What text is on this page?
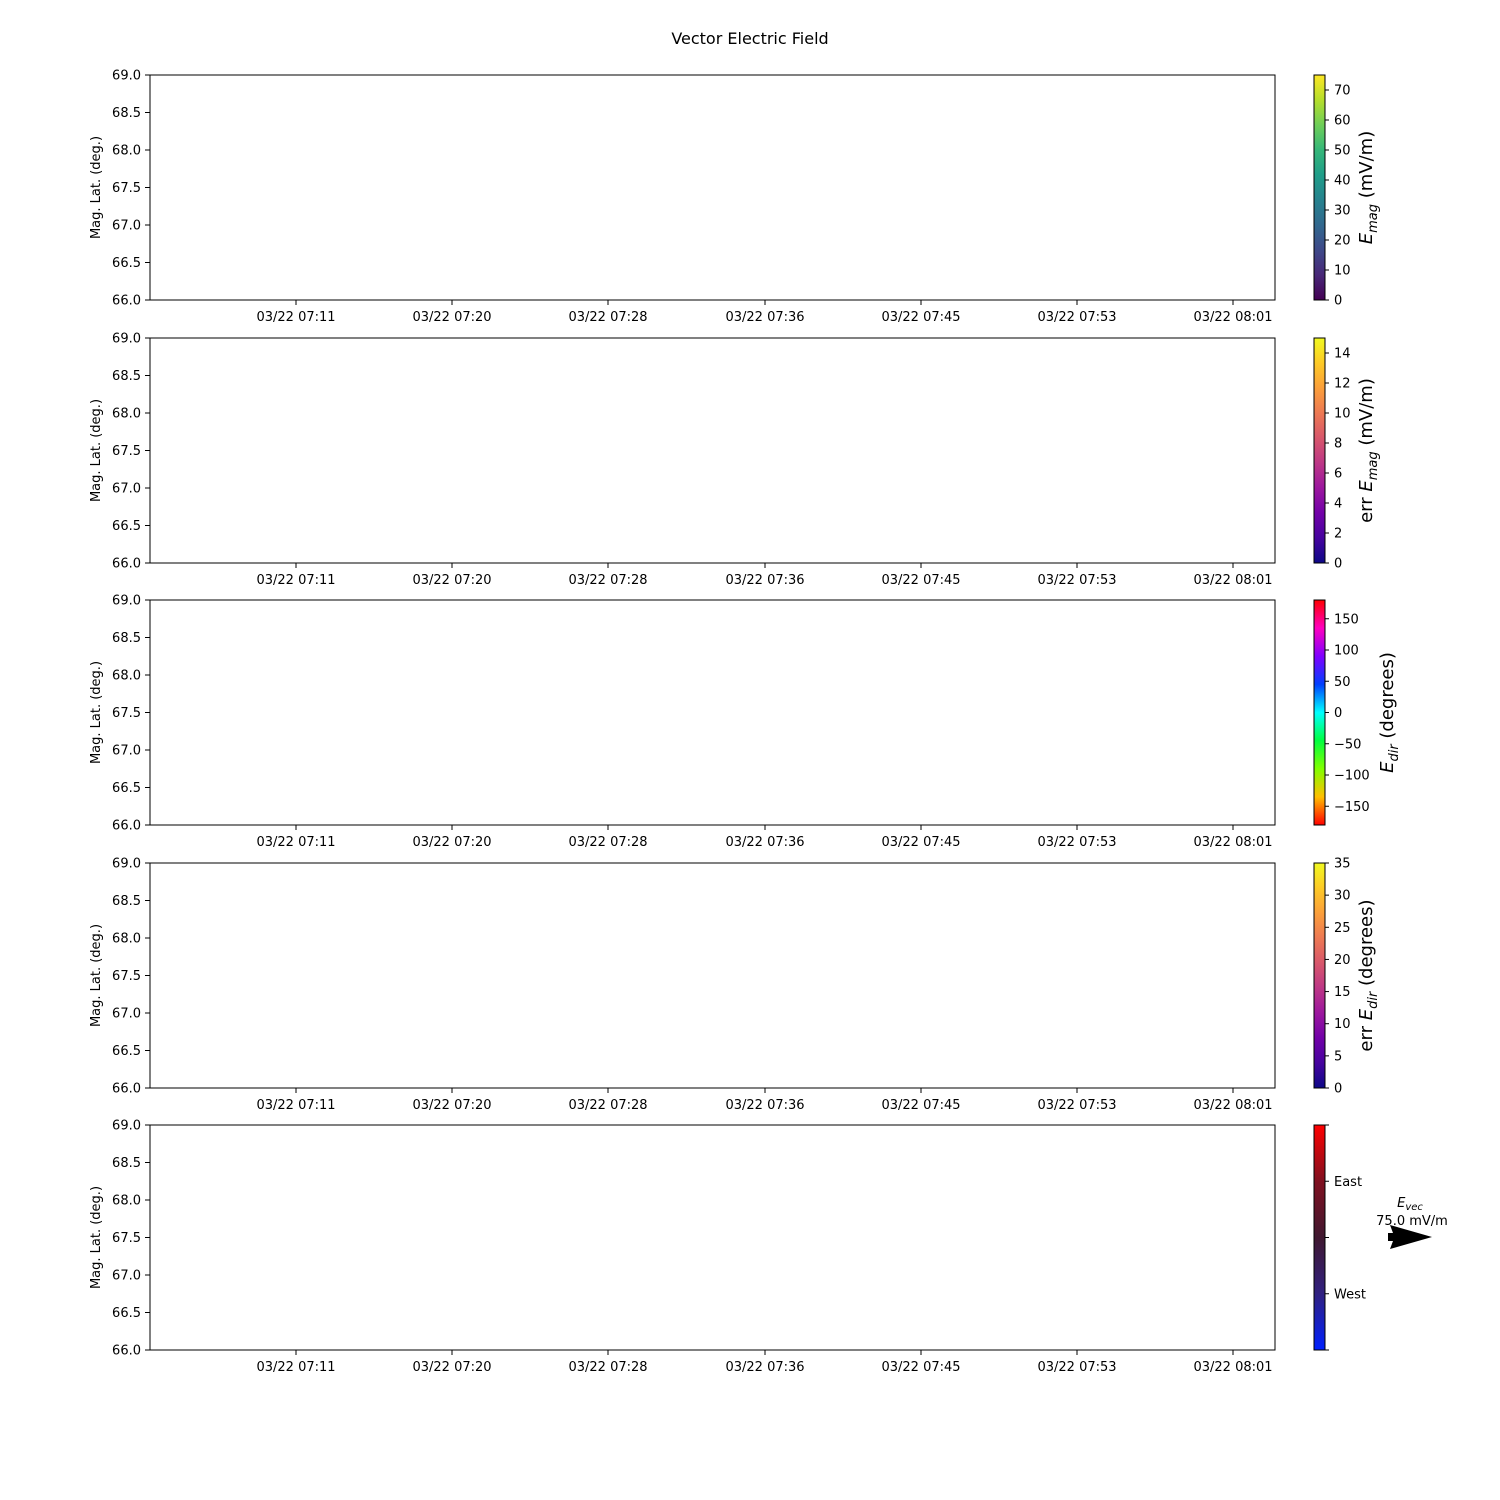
Vector Electric Field
66.0
66.5
67.0
67.5
68.0
68.5
69.0
03/22 07:11	03/22 07:20	03/22 07:28	03/22 07:36	03/22 07:45	03/22 07:53	03/22 08:01
Mag. Lat. (deg.)
0
10
20
30
40
50
60
70
$E_{mag}$ (mV/m)
66.0
66.5
67.0
67.5
68.0
68.5
69.0
03/22 07:11	03/22 07:20	03/22 07:28	03/22 07:36	03/22 07:45	03/22 07:53	03/22 08:01
Mag. Lat. (deg.)
0
2
4
6
8
10
12
14
err $E_{mag}$ (mV/m)
66.0
66.5
67.0
67.5
68.0
68.5
69.0
03/22 07:11	03/22 07:20	03/22 07:28	03/22 07:36	03/22 07:45	03/22 07:53	03/22 08:01
Mag. Lat. (deg.)
−150
−100
−50
0
50
100
150
$E_{dir}$ (degrees)
66.0
66.5
67.0
67.5
68.0
68.5
69.0
03/22 07:11	03/22 07:20	03/22 07:28	03/22 07:36	03/22 07:45	03/22 07:53	03/22 08:01
Mag. Lat. (deg.)
0
5
10
15
20
25
30
35
err $E_{dir}$ (degrees)
66.0
66.5
67.0
67.5
68.0
68.5
69.0
03/22 07:11	03/22 07:20	03/22 07:28	03/22 07:36	03/22 07:45	03/22 07:53	03/22 08:01
Mag. Lat. (deg.)
West
East
$E_{vec}$
75.0 mV/m
